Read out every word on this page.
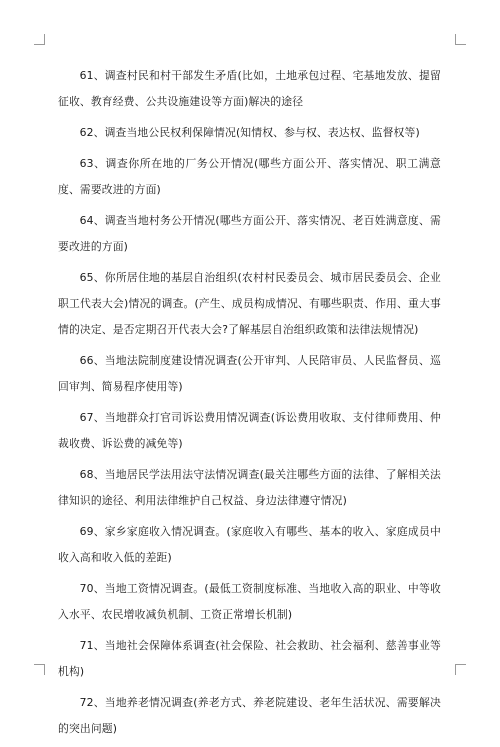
61、调查村民和村干部发生矛盾(比如，土地承包过程、宅基地发放、提留征收、教育经费、公共设施建设等方面)解决的途径

62、调查当地公民权利保障情况(知情权、参与权、表达权、监督权等)

63、调查你所在地的厂务公开情况(哪些方面公开、落实情况、职工满意度、需要改进的方面)

64、调查当地村务公开情况(哪些方面公开、落实情况、老百姓满意度、需要改进的方面)

65、你所居住地的基层自治组织(农村村民委员会、城市居民委员会、企业职工代表大会)情况的调查。(产生、成员构成情况、有哪些职责、作用、重大事情的决定、是否定期召开代表大会?了解基层自治组织政策和法律法规情况)

66、当地法院制度建设情况调查(公开审判、人民陪审员、人民监督员、巡回审判、简易程序使用等)

67、当地群众打官司诉讼费用情况调查(诉讼费用收取、支付律师费用、仲裁收费、诉讼费的减免等)

68、当地居民学法用法守法情况调查(最关注哪些方面的法律、了解相关法律知识的途径、利用法律维护自己权益、身边法律遵守情况)

69、家乡家庭收入情况调查。(家庭收入有哪些、基本的收入、家庭成员中收入高和收入低的差距)

70、当地工资情况调查。(最低工资制度标准、当地收入高的职业、中等收入水平、农民增收减负机制、工资正常增长机制)

71、当地社会保障体系调查(社会保险、社会救助、社会福利、慈善事业等机构)

72、当地养老情况调查(养老方式、养老院建设、老年生活状况、需要解决的突出问题)
